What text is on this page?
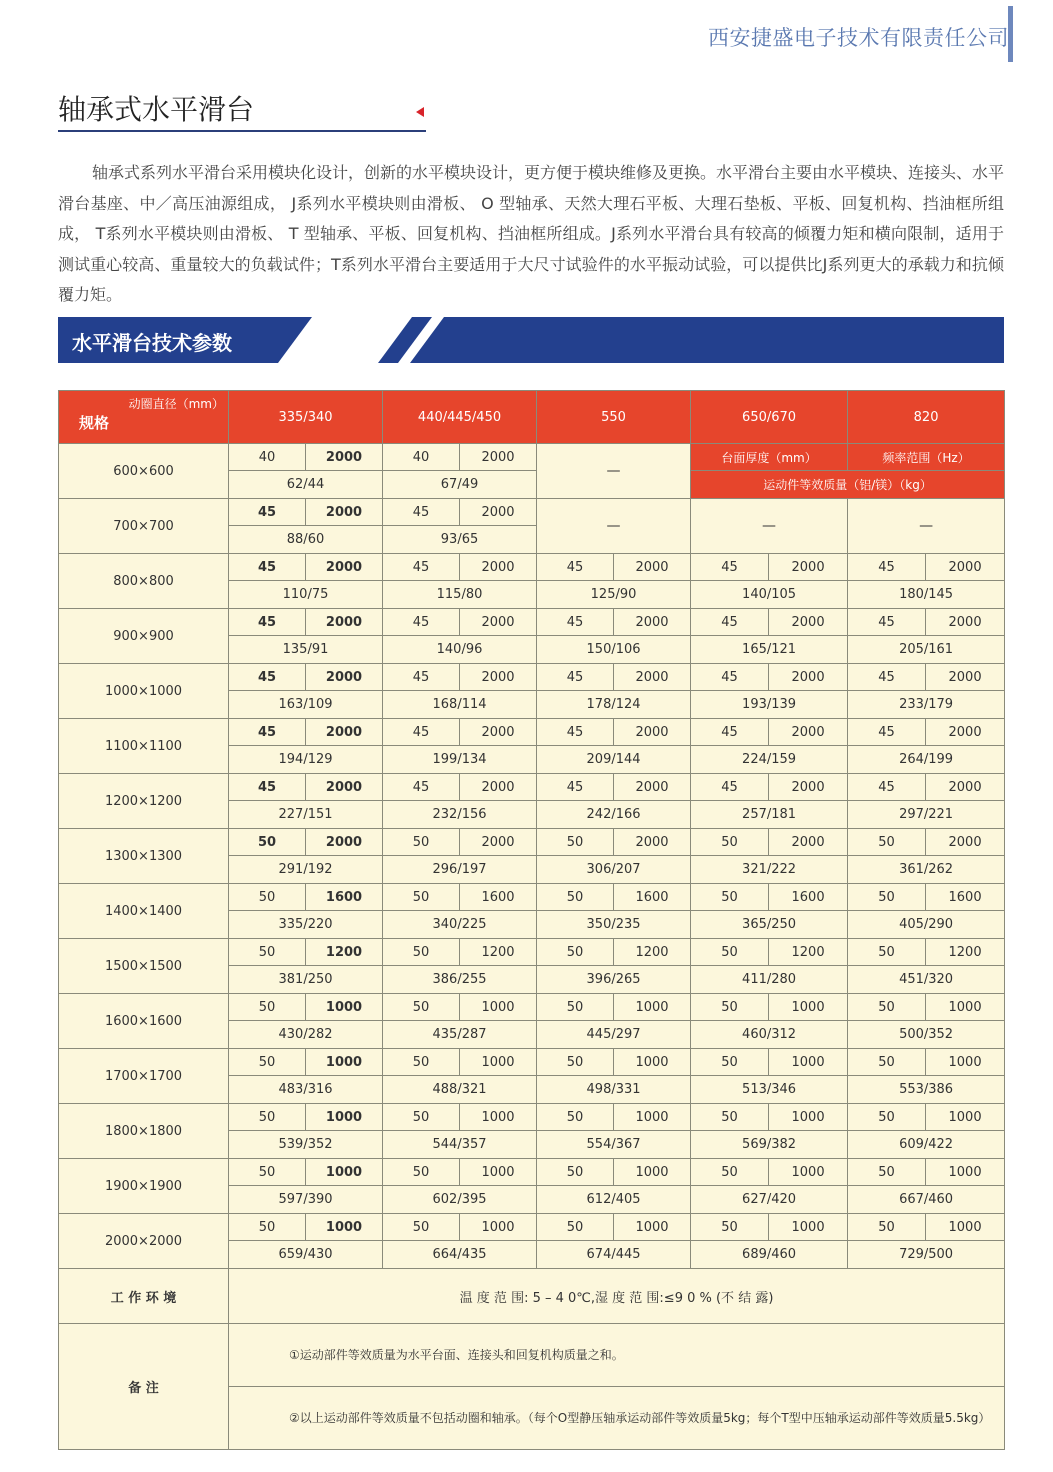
西安捷盛电子技术有限责任公司
轴承式水平滑台
轴承式系列水平滑台采用模块化设计，创新的水平模块设计，更方便于模块维修及更换。水平滑台主要由水平模块、连接头、水平滑台基座、中／高压油源组成， J系列水平模块则由滑板、 O 型轴承、天然大理石平板、大理石垫板、平板、回复机构、挡油框所组成， T系列水平模块则由滑板、 T 型轴承、平板、回复机构、挡油框所组成。J系列水平滑台具有较高的倾覆力矩和横向限制，适用于测试重心较高、重量较大的负载试件；T系列水平滑台主要适用于大尺寸试验件的水平振动试验，可以提供比J系列更大的承载力和抗倾覆力矩。
水平滑台技术参数
动圈直径（mm）
规格	335/340		440/445/450		550		650/670		820	
600×600	40	2000	40	2000	—		台面厚度（mm）		频率范围（Hz）	
	62/44		67/49				运动件等效质量（铝/镁）（kg）			
700×700	45	2000	45	2000	—		—		—	
	88/60		93/65							
800×800	45	2000	45	2000	45	2000	45	2000	45	2000
	110/75		115/80		125/90		140/105		180/145	
900×900	45	2000	45	2000	45	2000	45	2000	45	2000
	135/91		140/96		150/106		165/121		205/161	
1000×1000	45	2000	45	2000	45	2000	45	2000	45	2000
	163/109		168/114		178/124		193/139		233/179	
1100×1100	45	2000	45	2000	45	2000	45	2000	45	2000
	194/129		199/134		209/144		224/159		264/199	
1200×1200	45	2000	45	2000	45	2000	45	2000	45	2000
	227/151		232/156		242/166		257/181		297/221	
1300×1300	50	2000	50	2000	50	2000	50	2000	50	2000
	291/192		296/197		306/207		321/222		361/262	
1400×1400	50	1600	50	1600	50	1600	50	1600	50	1600
	335/220		340/225		350/235		365/250		405/290	
1500×1500	50	1200	50	1200	50	1200	50	1200	50	1200
	381/250		386/255		396/265		411/280		451/320	
1600×1600	50	1000	50	1000	50	1000	50	1000	50	1000
	430/282		435/287		445/297		460/312		500/352	
1700×1700	50	1000	50	1000	50	1000	50	1000	50	1000
	483/316		488/321		498/331		513/346		553/386	
1800×1800	50	1000	50	1000	50	1000	50	1000	50	1000
	539/352		544/357		554/367		569/382		609/422	
1900×1900	50	1000	50	1000	50	1000	50	1000	50	1000
	597/390		602/395		612/405		627/420		667/460	
2000×2000	50	1000	50	1000	50	1000	50	1000	50	1000
	659/430		664/435		674/445		689/460		729/500	
工 作 环 境	温 度 范 围: 5 – 4 0℃,湿 度 范 围:≤9 0 % (不 结 露)									
备 注	①运动部件等效质量为水平台面、连接头和回复机构质量之和。									
	②以上运动部件等效质量不包括动圈和轴承。（每个O型静压轴承运动部件等效质量5kg；每个T型中压轴承运动部件等效质量5.5kg）									
